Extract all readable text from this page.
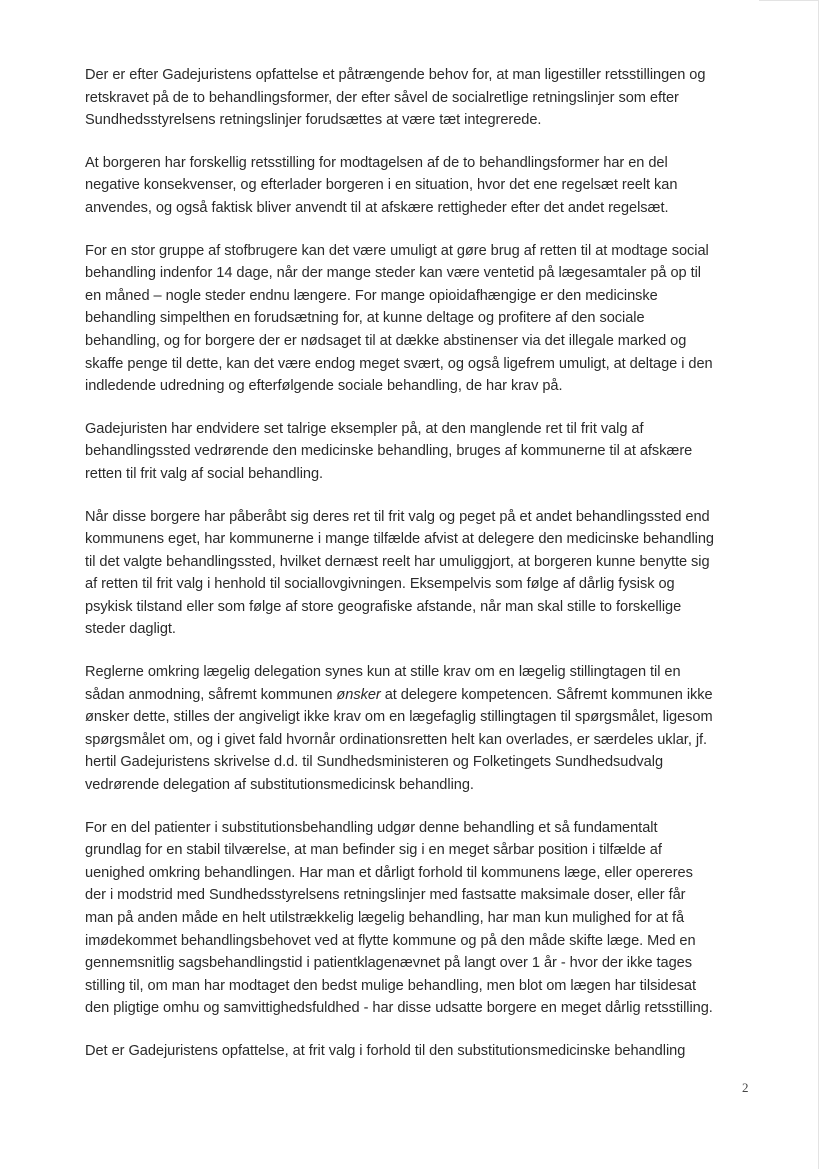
Der er efter Gadejuristens opfattelse et påtrængende behov for, at man ligestiller retsstillingen og
retskravet på de to behandlingsformer, der efter såvel de socialretlige retningslinjer som efter
Sundhedsstyrelsens retningslinjer forudsættes at være tæt integrerede.

At borgeren har forskellig retsstilling for modtagelsen af de to behandlingsformer har en del
negative konsekvenser, og efterlader borgeren i en situation, hvor det ene regelsæt reelt kan
anvendes, og også faktisk bliver anvendt til at afskære rettigheder efter det andet regelsæt.

For en stor gruppe af stofbrugere kan det være umuligt at gøre brug af retten til at modtage social
behandling indenfor 14 dage, når der mange steder kan være ventetid på lægesamtaler på op til
en måned – nogle steder endnu længere. For mange opioidafhængige er den medicinske
behandling simpelthen en forudsætning for, at kunne deltage og profitere af den sociale
behandling, og for borgere der er nødsaget til at dække abstinenser via det illegale marked og
skaffe penge til dette, kan det være endog meget svært, og også ligefrem umuligt, at deltage i den
indledende udredning og efterfølgende sociale behandling, de har krav på.

Gadejuristen har endvidere set talrige eksempler på, at den manglende ret til frit valg af
behandlingssted vedrørende den medicinske behandling, bruges af kommunerne til at afskære
retten til frit valg af social behandling.

Når disse borgere har påberåbt sig deres ret til frit valg og peget på et andet behandlingssted end
kommunens eget, har kommunerne i mange tilfælde afvist at delegere den medicinske behandling
til det valgte behandlingssted, hvilket dernæst reelt har umuliggjort, at borgeren kunne benytte sig
af retten til frit valg i henhold til sociallovgivningen. Eksempelvis som følge af dårlig fysisk og
psykisk tilstand eller som følge af store geografiske afstande, når man skal stille to forskellige
steder dagligt.

Reglerne omkring lægelig delegation synes kun at stille krav om en lægelig stillingtagen til en
sådan anmodning, såfremt kommunen ønsker at delegere kompetencen. Såfremt kommunen ikke
ønsker dette, stilles der angiveligt ikke krav om en lægefaglig stillingtagen til spørgsmålet, ligesom
spørgsmålet om, og i givet fald hvornår ordinationsretten helt kan overlades, er særdeles uklar, jf.
hertil Gadejuristens skrivelse d.d. til Sundhedsministeren og Folketingets Sundhedsudvalg
vedrørende delegation af substitutionsmedicinsk behandling.

For en del patienter i substitutionsbehandling udgør denne behandling et så fundamentalt
grundlag for en stabil tilværelse, at man befinder sig i en meget sårbar position i tilfælde af
uenighed omkring behandlingen. Har man et dårligt forhold til kommunens læge, eller opereres
der i modstrid med Sundhedsstyrelsens retningslinjer med fastsatte maksimale doser, eller får
man på anden måde en helt utilstrækkelig lægelig behandling, har man kun mulighed for at få
imødekommet behandlingsbehovet ved at flytte kommune og på den måde skifte læge. Med en
gennemsnitlig sagsbehandlingstid i patientklagenævnet på langt over 1 år - hvor der ikke tages
stilling til, om man har modtaget den bedst mulige behandling, men blot om lægen har tilsidesat
den pligtige omhu og samvittighedsfuldhed - har disse udsatte borgere en meget dårlig retsstilling.

Det er Gadejuristens opfattelse, at frit valg i forhold til den substitutionsmedicinske behandling

2
